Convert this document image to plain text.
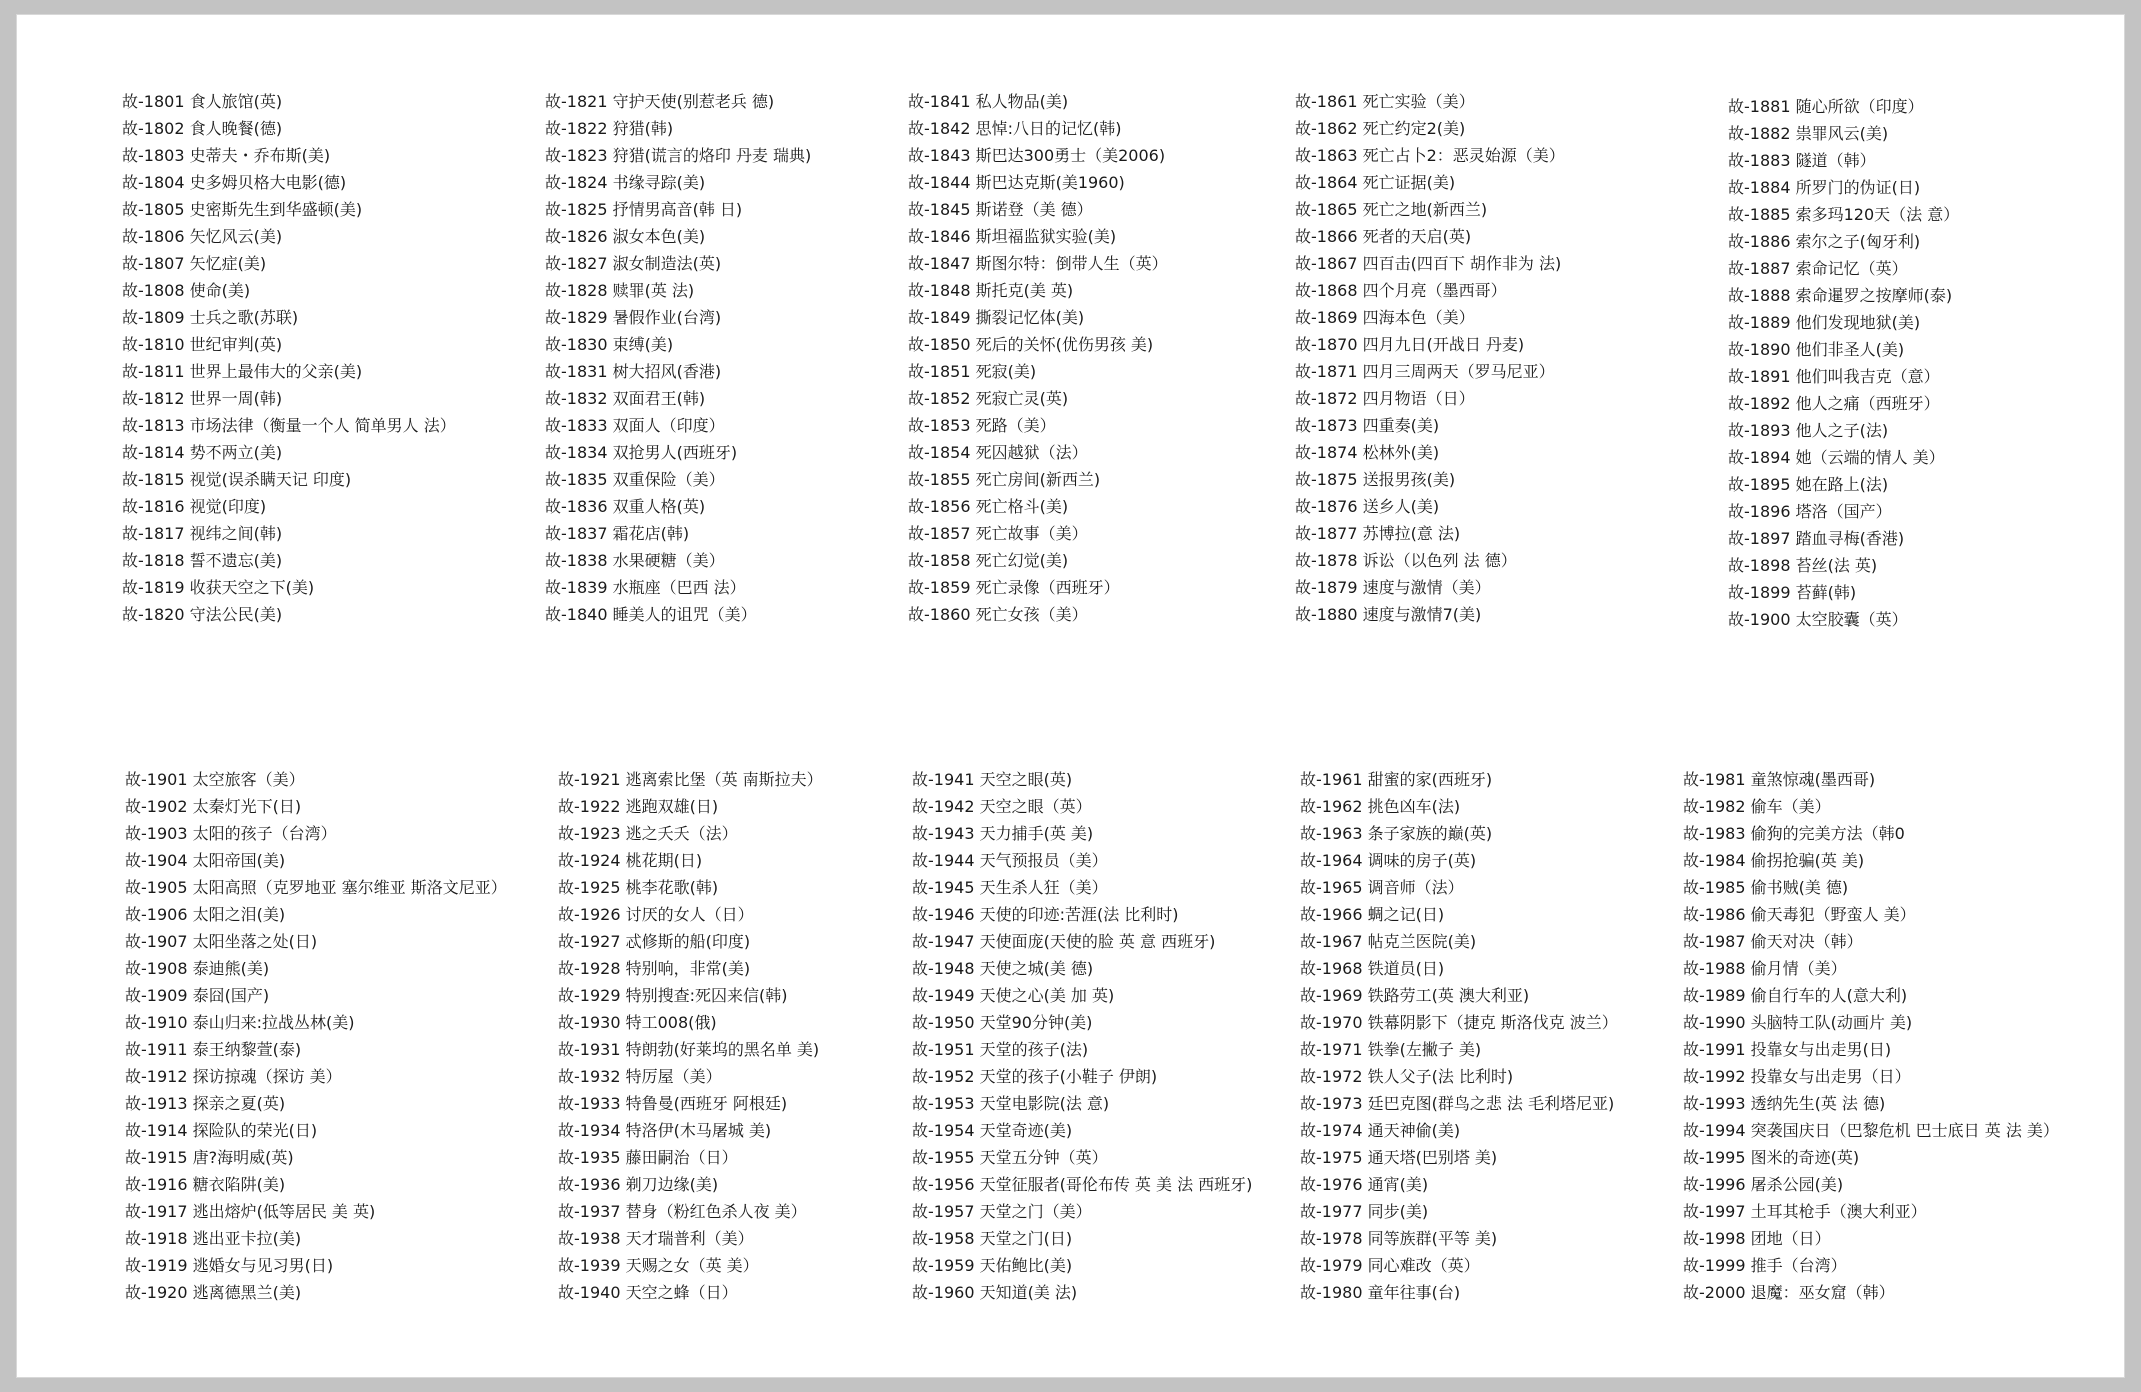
故-1801 食人旅馆(英)
故-1802 食人晚餐(德)
故-1803 史蒂夫・乔布斯(美)
故-1804 史多姆贝格大电影(德)
故-1805 史密斯先生到华盛顿(美)
故-1806 矢忆风云(美)
故-1807 矢忆症(美)
故-1808 使命(美)
故-1809 士兵之歌(苏联)
故-1810 世纪审判(英)
故-1811 世界上最伟大的父亲(美)
故-1812 世界一周(韩)
故-1813 市场法律（衡量一个人 简单男人 法）
故-1814 势不两立(美)
故-1815 视觉(误杀瞒天记 印度)
故-1816 视觉(印度)
故-1817 视纬之间(韩)
故-1818 誓不遗忘(美)
故-1819 收获天空之下(美)
故-1820 守法公民(美)
故-1821 守护天使(别惹老兵 德)
故-1822 狩猎(韩)
故-1823 狩猎(谎言的烙印 丹麦 瑞典)
故-1824 书缘寻踪(美)
故-1825 抒情男高音(韩 日)
故-1826 淑女本色(美)
故-1827 淑女制造法(英)
故-1828 赎罪(英 法)
故-1829 暑假作业(台湾)
故-1830 束缚(美)
故-1831 树大招风(香港)
故-1832 双面君王(韩)
故-1833 双面人（印度）
故-1834 双抢男人(西班牙)
故-1835 双重保险（美）
故-1836 双重人格(英)
故-1837 霜花店(韩)
故-1838 水果硬糖（美）
故-1839 水瓶座（巴西 法）
故-1840 睡美人的诅咒（美）
故-1841 私人物品(美)
故-1842 思悼:八日的记忆(韩)
故-1843 斯巴达300勇士（美2006)
故-1844 斯巴达克斯(美1960)
故-1845 斯诺登（美 德）
故-1846 斯坦福监狱实验(美)
故-1847 斯图尔特：倒带人生（英）
故-1848 斯托克(美 英)
故-1849 撕裂记忆体(美)
故-1850 死后的关怀(优伤男孩 美)
故-1851 死寂(美)
故-1852 死寂亡灵(英)
故-1853 死路（美）
故-1854 死囚越狱（法）
故-1855 死亡房间(新西兰)
故-1856 死亡格斗(美)
故-1857 死亡故事（美）
故-1858 死亡幻觉(美)
故-1859 死亡录像（西班牙）
故-1860 死亡女孩（美）
故-1861 死亡实验（美）
故-1862 死亡约定2(美)
故-1863 死亡占卜2：恶灵始源（美）
故-1864 死亡证据(美)
故-1865 死亡之地(新西兰)
故-1866 死者的天启(英)
故-1867 四百击(四百下 胡作非为 法)
故-1868 四个月亮（墨西哥）
故-1869 四海本色（美）
故-1870 四月九日(开战日 丹麦)
故-1871 四月三周两天（罗马尼亚）
故-1872 四月物语（日）
故-1873 四重奏(美)
故-1874 松林外(美)
故-1875 送报男孩(美)
故-1876 送乡人(美)
故-1877 苏博拉(意 法)
故-1878 诉讼（以色列 法 德）
故-1879 速度与激情（美）
故-1880 速度与激情7(美)
故-1881 随心所欲（印度）
故-1882 祟罪风云(美)
故-1883 隧道（韩）
故-1884 所罗门的伪证(日)
故-1885 索多玛120天（法 意）
故-1886 索尔之子(匈牙利)
故-1887 索命记忆（英）
故-1888 索命暹罗之按摩师(泰)
故-1889 他们发现地狱(美)
故-1890 他们非圣人(美)
故-1891 他们叫我吉克（意）
故-1892 他人之痛（西班牙）
故-1893 他人之子(法)
故-1894 她（云端的情人 美）
故-1895 她在路上(法)
故-1896 塔洛（国产）
故-1897 踏血寻梅(香港)
故-1898 苔丝(法 英)
故-1899 苔藓(韩)
故-1900 太空胶囊（英）
故-1901 太空旅客（美）
故-1902 太秦灯光下(日)
故-1903 太阳的孩子（台湾）
故-1904 太阳帝国(美)
故-1905 太阳高照（克罗地亚 塞尔维亚 斯洛文尼亚）
故-1906 太阳之泪(美)
故-1907 太阳坐落之处(日)
故-1908 泰迪熊(美)
故-1909 泰囧(国产)
故-1910 泰山归来:拉战丛林(美)
故-1911 泰王纳黎萱(泰)
故-1912 探访掠魂（探访 美）
故-1913 探亲之夏(英)
故-1914 探险队的荣光(日)
故-1915 唐?海明威(英)
故-1916 糖衣陷阱(美)
故-1917 逃出熔炉(低等居民 美 英)
故-1918 逃出亚卡拉(美)
故-1919 逃婚女与见习男(日)
故-1920 逃离德黑兰(美)
故-1921 逃离索比堡（英 南斯拉夫）
故-1922 逃跑双雄(日)
故-1923 逃之夭夭（法）
故-1924 桃花期(日)
故-1925 桃李花歌(韩)
故-1926 讨厌的女人（日）
故-1927 忒修斯的船(印度)
故-1928 特别响，非常(美)
故-1929 特别搜查:死囚来信(韩)
故-1930 特工008(俄)
故-1931 特朗勃(好莱坞的黑名单 美)
故-1932 特厉屋（美）
故-1933 特鲁曼(西班牙 阿根廷)
故-1934 特洛伊(木马屠城 美)
故-1935 藤田嗣治（日）
故-1936 剃刀边缘(美)
故-1937 替身（粉红色杀人夜 美）
故-1938 天才瑞普利（美）
故-1939 天赐之女（英 美）
故-1940 天空之蜂（日）
故-1941 天空之眼(英)
故-1942 天空之眼（英）
故-1943 天力捕手(英 美)
故-1944 天气预报员（美）
故-1945 天生杀人狂（美）
故-1946 天使的印迹:苦涯(法 比利时)
故-1947 天使面庞(天使的脸 英 意 西班牙)
故-1948 天使之城(美 德)
故-1949 天使之心(美 加 英)
故-1950 天堂90分钟(美)
故-1951 天堂的孩子(法)
故-1952 天堂的孩子(小鞋子 伊朗)
故-1953 天堂电影院(法 意)
故-1954 天堂奇迹(美)
故-1955 天堂五分钟（英）
故-1956 天堂征服者(哥伦布传 英 美 法 西班牙)
故-1957 天堂之门（美）
故-1958 天堂之门(日)
故-1959 天佑鲍比(美)
故-1960 天知道(美 法)
故-1961 甜蜜的家(西班牙)
故-1962 挑色凶车(法)
故-1963 条子家族的巅(英)
故-1964 调味的房子(英)
故-1965 调音师（法）
故-1966 蜩之记(日)
故-1967 帖克兰医院(美)
故-1968 铁道员(日)
故-1969 铁路劳工(英 澳大利亚)
故-1970 铁幕阴影下（捷克 斯洛伐克 波兰）
故-1971 铁拳(左撇子 美)
故-1972 铁人父子(法 比利时)
故-1973 廷巴克图(群鸟之悲 法 毛利塔尼亚)
故-1974 通天神偷(美)
故-1975 通天塔(巴别塔 美)
故-1976 通宵(美)
故-1977 同步(美)
故-1978 同等族群(平等 美)
故-1979 同心难改（英）
故-1980 童年往事(台)
故-1981 童煞惊魂(墨西哥)
故-1982 偷车（美）
故-1983 偷狗的完美方法（韩0
故-1984 偷拐抢骗(英 美)
故-1985 偷书贼(美 德)
故-1986 偷天毒犯（野蛮人 美）
故-1987 偷天对决（韩）
故-1988 偷月情（美）
故-1989 偷自行车的人(意大利)
故-1990 头脑特工队(动画片 美)
故-1991 投靠女与出走男(日)
故-1992 投靠女与出走男（日）
故-1993 透纳先生(英 法 德)
故-1994 突袭国庆日（巴黎危机 巴士底日 英 法 美）
故-1995 图米的奇迹(英)
故-1996 屠杀公园(美)
故-1997 土耳其枪手（澳大利亚）
故-1998 团地（日）
故-1999 推手（台湾）
故-2000 退魔：巫女窟（韩）
